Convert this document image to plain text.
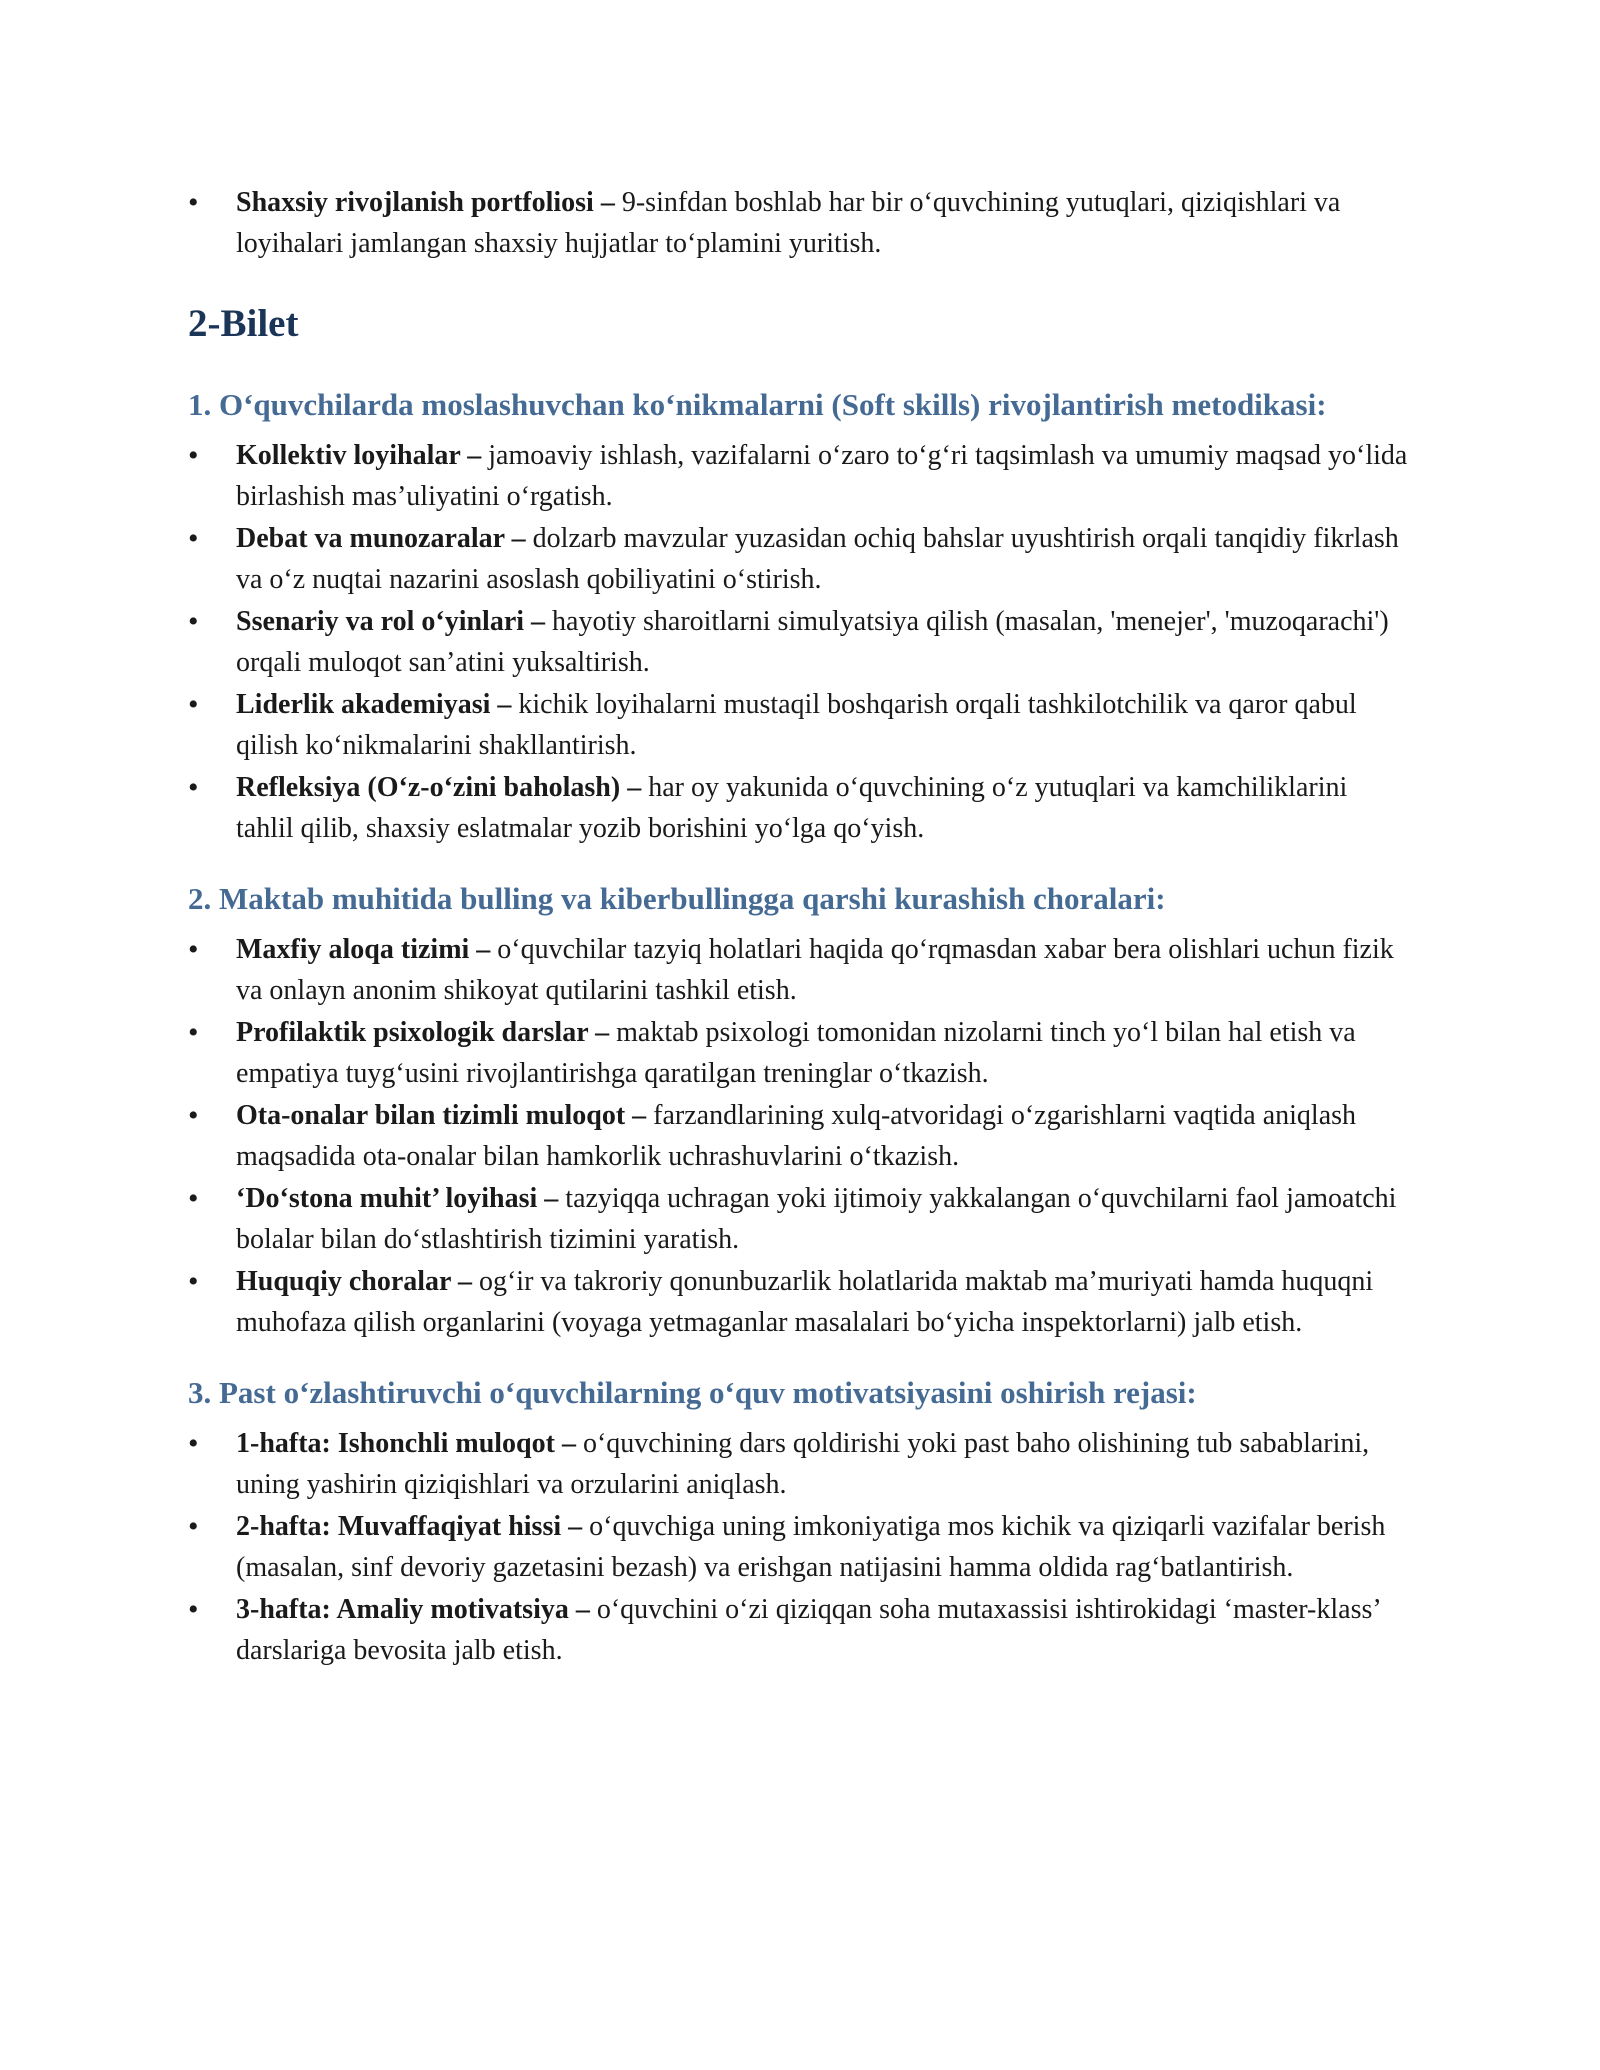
•	Shaxsiy rivojlanish portfoliosi – 9-sinfdan boshlab har bir o‘quvchining yutuqlari, qiziqishlari va loyihalari jamlangan shaxsiy hujjatlar to‘plamini yuritish.
2-Bilet
1. O‘quvchilarda moslashuvchan ko‘nikmalarni (Soft skills) rivojlantirish metodikasi:
•	Kollektiv loyihalar – jamoaviy ishlash, vazifalarni o‘zaro to‘g‘ri taqsimlash va umumiy maqsad yo‘lida birlashish mas’uliyatini o‘rgatish.
•	Debat va munozaralar – dolzarb mavzular yuzasidan ochiq bahslar uyushtirish orqali tanqidiy fikrlash va o‘z nuqtai nazarini asoslash qobiliyatini o‘stirish.
•	Ssenariy va rol o‘yinlari – hayotiy sharoitlarni simulyatsiya qilish (masalan, 'menejer', 'muzoqarachi') orqali muloqot san’atini yuksaltirish.
•	Liderlik akademiyasi – kichik loyihalarni mustaqil boshqarish orqali tashkilotchilik va qaror qabul qilish ko‘nikmalarini shakllantirish.
•	Refleksiya (O‘z-o‘zini baholash) – har oy yakunida o‘quvchining o‘z yutuqlari va kamchiliklarini tahlil qilib, shaxsiy eslatmalar yozib borishini yo‘lga qo‘yish.
2. Maktab muhitida bulling va kiberbullingga qarshi kurashish choralari:
•	Maxfiy aloqa tizimi – o‘quvchilar tazyiq holatlari haqida qo‘rqmasdan xabar bera olishlari uchun fizik va onlayn anonim shikoyat qutilarini tashkil etish.
•	Profilaktik psixologik darslar – maktab psixologi tomonidan nizolarni tinch yo‘l bilan hal etish va empatiya tuyg‘usini rivojlantirishga qaratilgan treninglar o‘tkazish.
•	Ota-onalar bilan tizimli muloqot – farzandlarining xulq-atvoridagi o‘zgarishlarni vaqtida aniqlash maqsadida ota-onalar bilan hamkorlik uchrashuvlarini o‘tkazish.
•	‘Do‘stona muhit’ loyihasi – tazyiqqa uchragan yoki ijtimoiy yakkalangan o‘quvchilarni faol jamoatchi bolalar bilan do‘stlashtirish tizimini yaratish.
•	Huquqiy choralar – og‘ir va takroriy qonunbuzarlik holatlarida maktab ma’muriyati hamda huquqni muhofaza qilish organlarini (voyaga yetmaganlar masalalari bo‘yicha inspektorlarni) jalb etish.
3. Past o‘zlashtiruvchi o‘quvchilarning o‘quv motivatsiyasini oshirish rejasi:
•	1-hafta: Ishonchli muloqot – o‘quvchining dars qoldirishi yoki past baho olishining tub sabablarini, uning yashirin qiziqishlari va orzularini aniqlash.
•	2-hafta: Muvaffaqiyat hissi – o‘quvchiga uning imkoniyatiga mos kichik va qiziqarli vazifalar berish (masalan, sinf devoriy gazetasini bezash) va erishgan natijasini hamma oldida rag‘batlantirish.
•	3-hafta: Amaliy motivatsiya – o‘quvchini o‘zi qiziqqan soha mutaxassisi ishtirokidagi ‘master-klass’ darslariga bevosita jalb etish.
